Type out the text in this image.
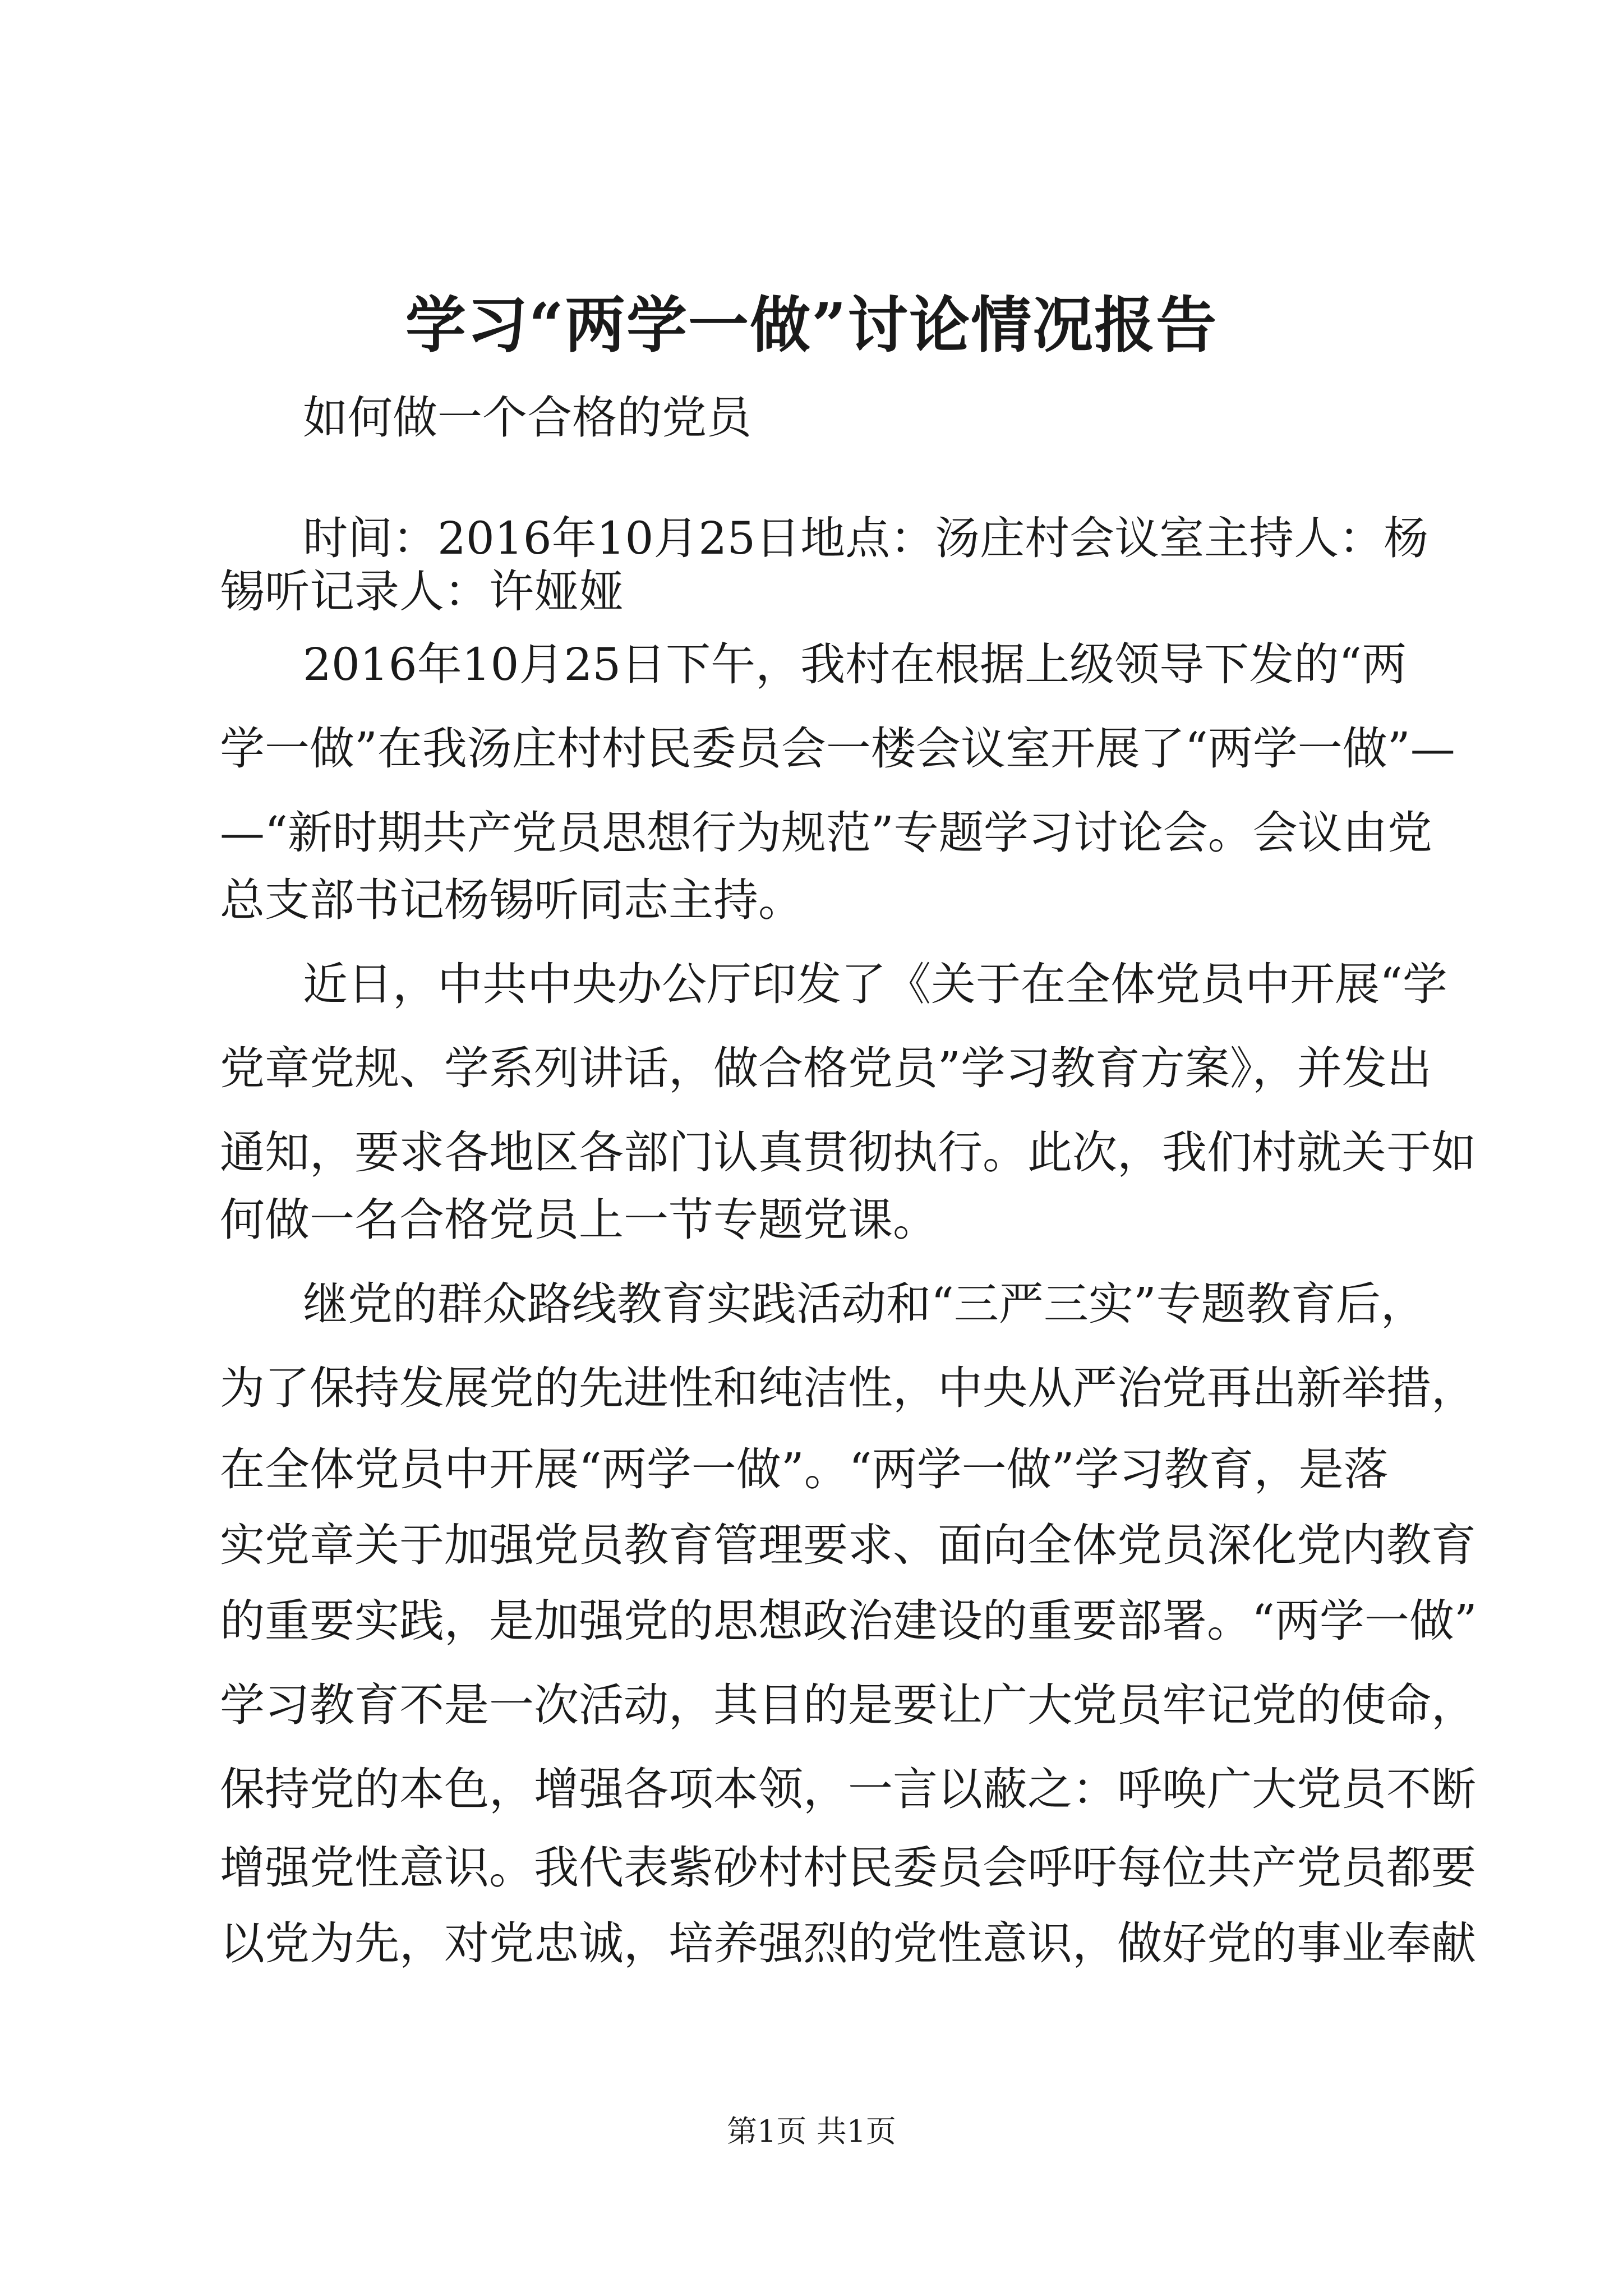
学习“两学一做”讨论情况报告
如何做一个合格的党员
时间：2016年10月25日地点：汤庄村会议室主持人：杨
锡听记录人：许娅娅
2016年10月25日下午，我村在根据上级领导下发的“两
学一做”在我汤庄村村民委员会一楼会议室开展了“两学一做”—
—“新时期共产党员思想行为规范”专题学习讨论会。会议由党
总支部书记杨锡听同志主持。
近日，中共中央办公厅印发了《关于在全体党员中开展“学
党章党规、学系列讲话，做合格党员”学习教育方案》，并发出
通知，要求各地区各部门认真贯彻执行。此次，我们村就关于如
何做一名合格党员上一节专题党课。
继党的群众路线教育实践活动和“三严三实”专题教育后，
为了保持发展党的先进性和纯洁性，中央从严治党再出新举措，
在全体党员中开展“两学一做”。“两学一做”学习教育，是落
实党章关于加强党员教育管理要求、面向全体党员深化党内教育
的重要实践，是加强党的思想政治建设的重要部署。“两学一做”
学习教育不是一次活动，其目的是要让广大党员牢记党的使命，
保持党的本色，增强各项本领，一言以蔽之：呼唤广大党员不断
增强党性意识。我代表紫砂村村民委员会呼吁每位共产党员都要
以党为先，对党忠诚，培养强烈的党性意识，做好党的事业奉献
第1页 共1页
